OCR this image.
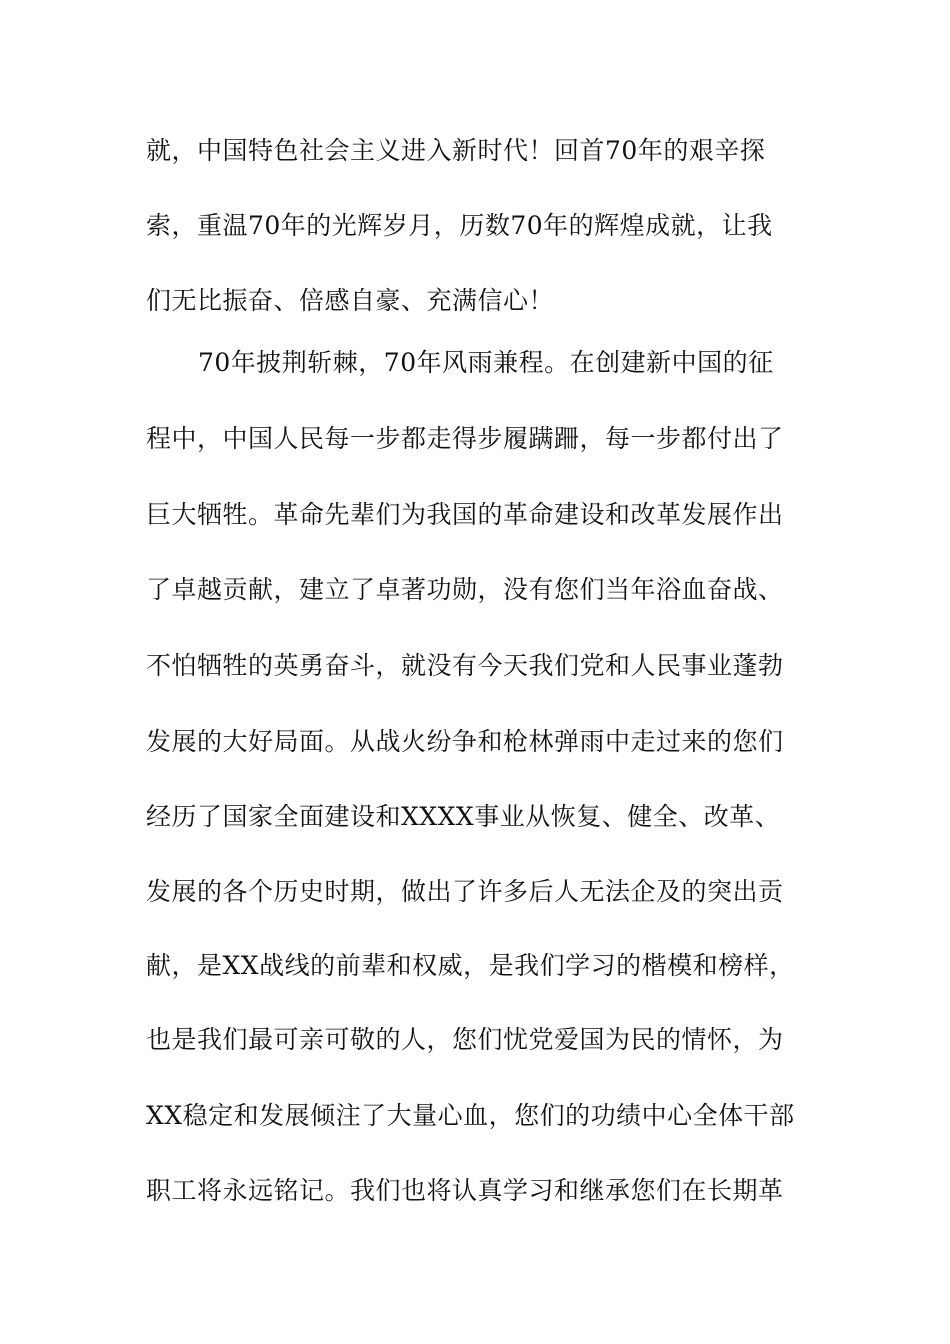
就，中国特色社会主义进入新时代！回首70年的艰辛探
索，重温70年的光辉岁月，历数70年的辉煌成就，让我
们无比振奋、倍感自豪、充满信心！
70年披荆斩棘，70年风雨兼程。在创建新中国的征
程中，中国人民每一步都走得步履蹒跚，每一步都付出了
巨大牺牲。革命先辈们为我国的革命建设和改革发展作出
了卓越贡献，建立了卓著功勋，没有您们当年浴血奋战、
不怕牺牲的英勇奋斗，就没有今天我们党和人民事业蓬勃
发展的大好局面。从战火纷争和枪林弹雨中走过来的您们
经历了国家全面建设和XXXX事业从恢复、健全、改革、
发展的各个历史时期，做出了许多后人无法企及的突出贡
献，是XX战线的前辈和权威，是我们学习的楷模和榜样，
也是我们最可亲可敬的人，您们忧党爱国为民的情怀，为
XX稳定和发展倾注了大量心血，您们的功绩中心全体干部
职工将永远铭记。我们也将认真学习和继承您们在长期革
